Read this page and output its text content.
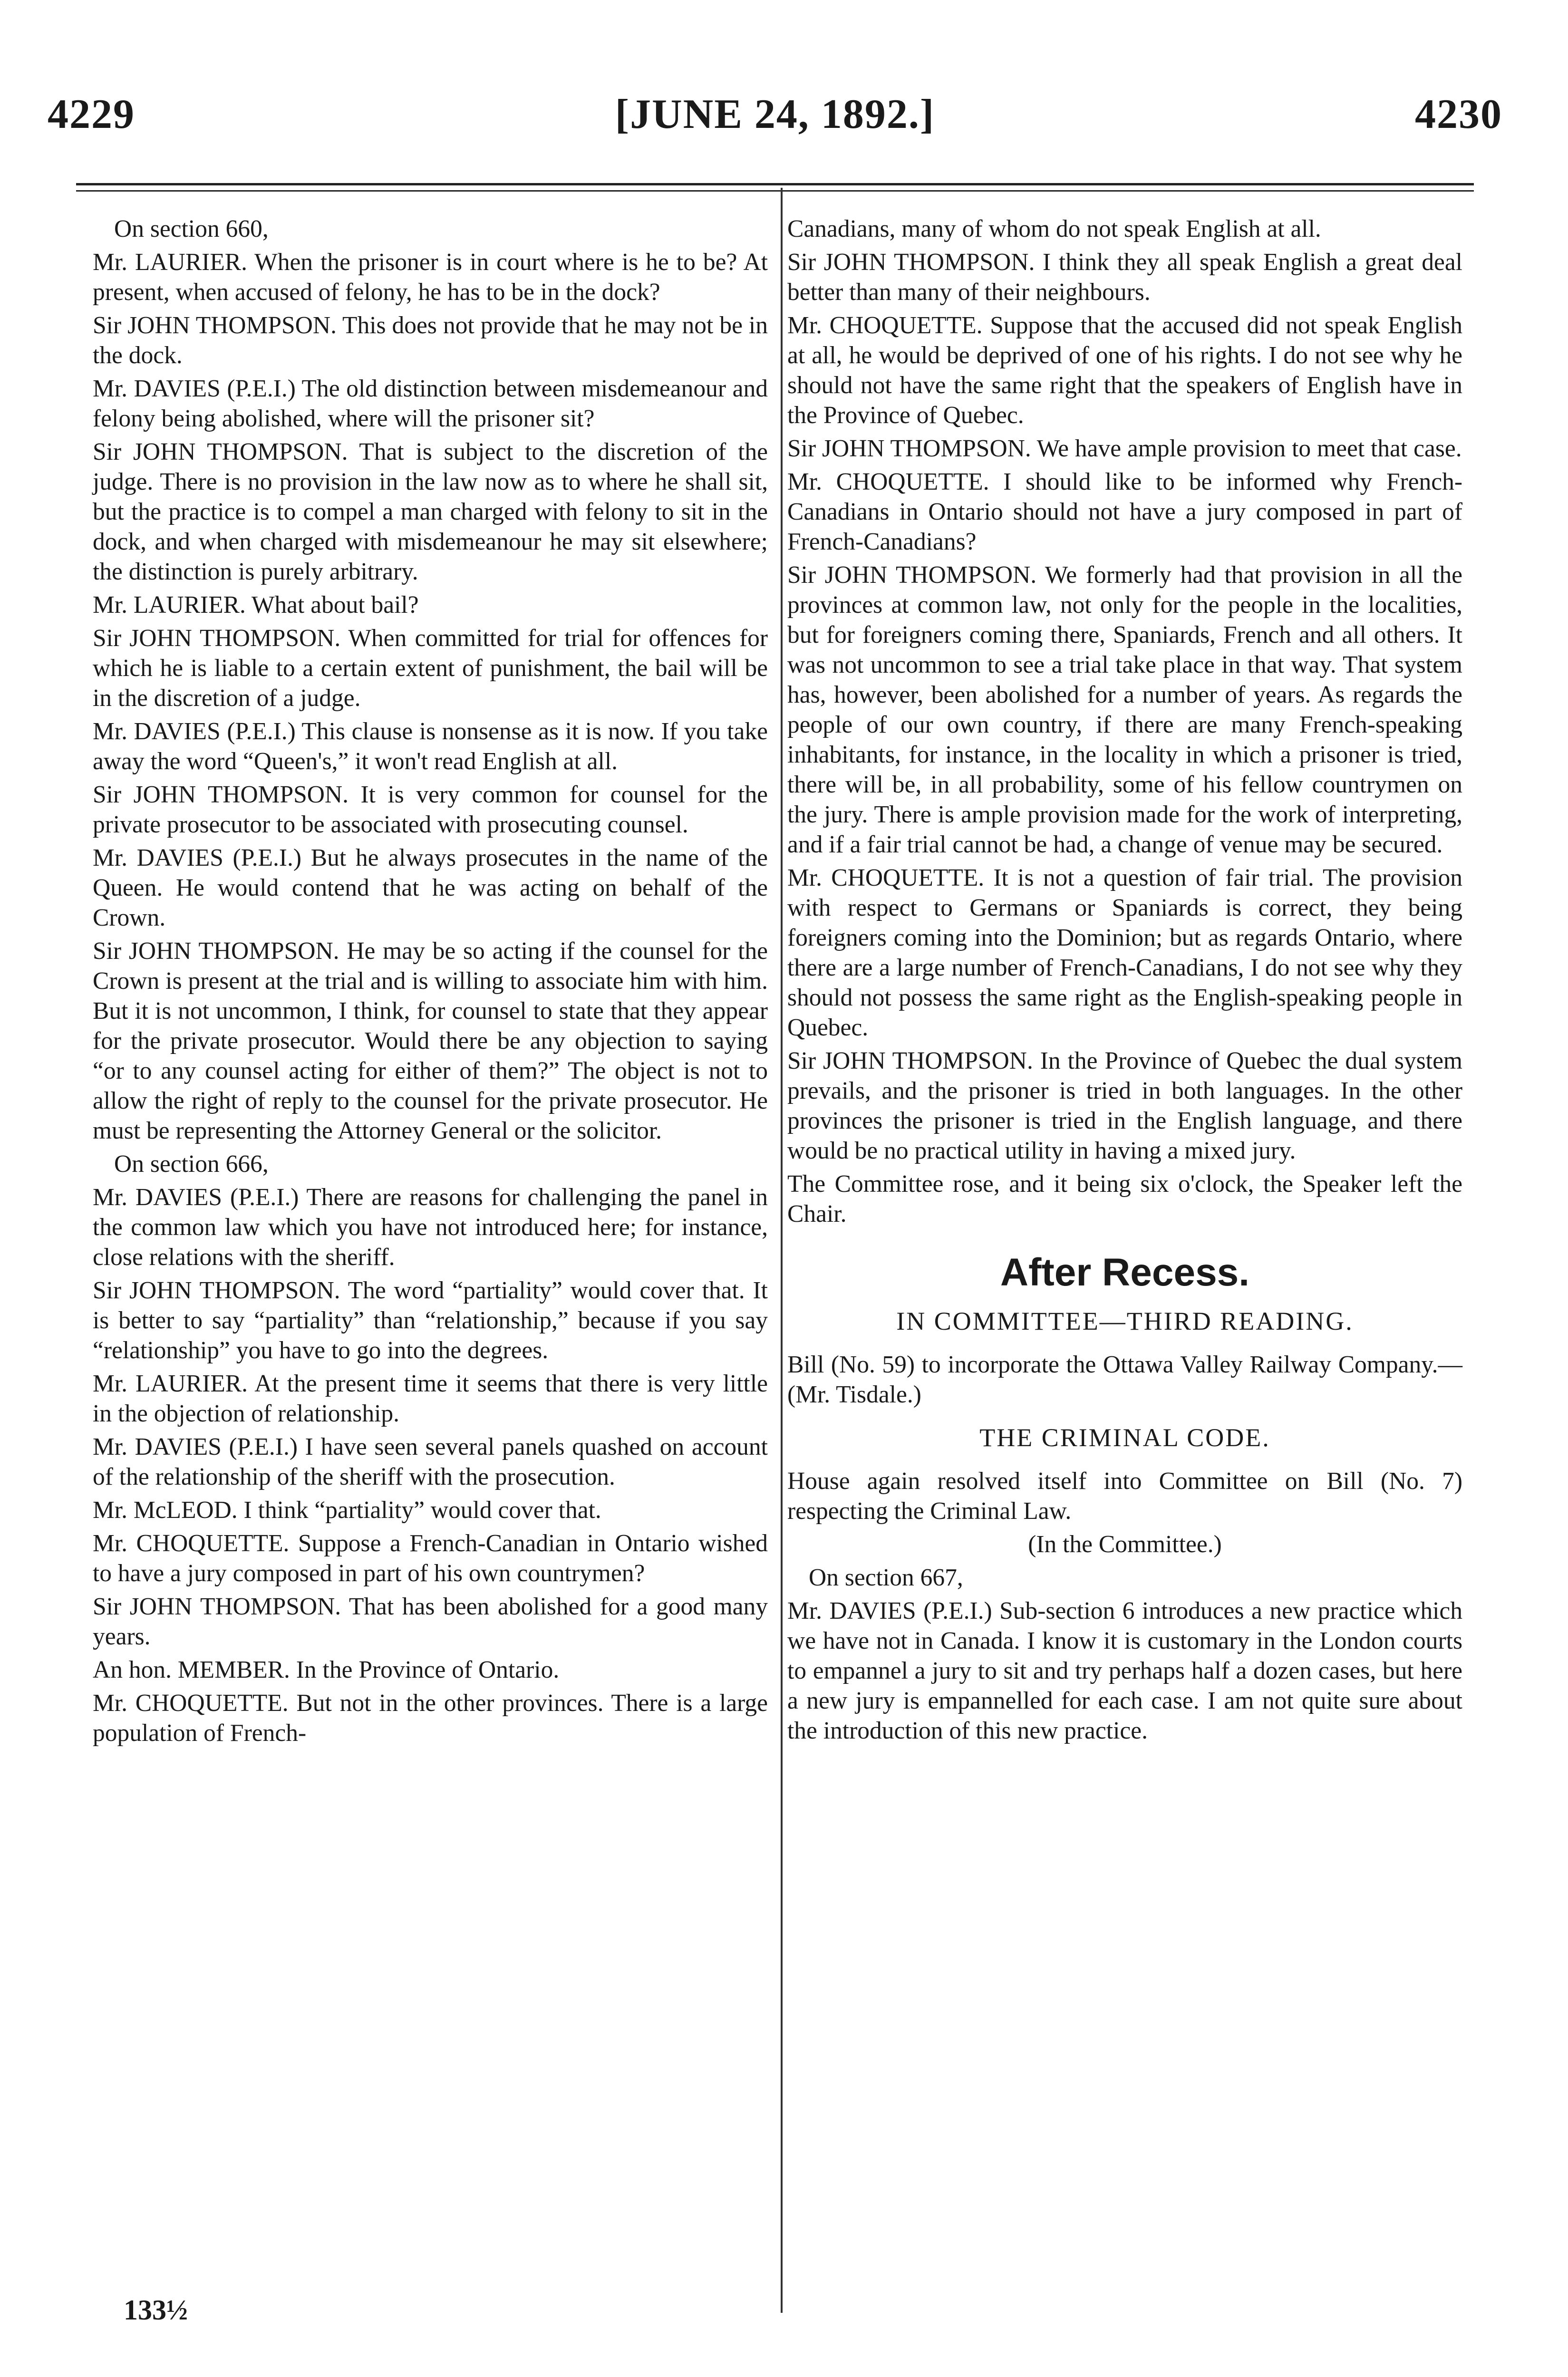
4229	[JUNE 24, 1892.]	4230

On section 660,

Mr. LAURIER. When the prisoner is in court where is he to be? At present, when accused of felony, he has to be in the dock?

Sir JOHN THOMPSON. This does not provide that he may not be in the dock.

Mr. DAVIES (P.E.I.) The old distinction between misdemeanour and felony being abolished, where will the prisoner sit?

Sir JOHN THOMPSON. That is subject to the discretion of the judge. There is no provision in the law now as to where he shall sit, but the practice is to compel a man charged with felony to sit in the dock, and when charged with misdemeanour he may sit elsewhere; the distinction is purely arbitrary.

Mr. LAURIER. What about bail?

Sir JOHN THOMPSON. When committed for trial for offences for which he is liable to a certain extent of punishment, the bail will be in the discretion of a judge.

Mr. DAVIES (P.E.I.) This clause is nonsense as it is now. If you take away the word “Queen's,” it won't read English at all.

Sir JOHN THOMPSON. It is very common for counsel for the private prosecutor to be associated with prosecuting counsel.

Mr. DAVIES (P.E.I.) But he always prosecutes in the name of the Queen. He would contend that he was acting on behalf of the Crown.

Sir JOHN THOMPSON. He may be so acting if the counsel for the Crown is present at the trial and is willing to associate him with him. But it is not uncommon, I think, for counsel to state that they appear for the private prosecutor. Would there be any objection to saying “or to any counsel acting for either of them?” The object is not to allow the right of reply to the counsel for the private prosecutor. He must be representing the Attorney General or the solicitor.

On section 666,

Mr. DAVIES (P.E.I.) There are reasons for challenging the panel in the common law which you have not introduced here; for instance, close relations with the sheriff.

Sir JOHN THOMPSON. The word “partiality” would cover that. It is better to say “partiality” than “relationship,” because if you say “relationship” you have to go into the degrees.

Mr. LAURIER. At the present time it seems that there is very little in the objection of relationship.

Mr. DAVIES (P.E.I.) I have seen several panels quashed on account of the relationship of the sheriff with the prosecution.

Mr. McLEOD. I think “partiality” would cover that.

Mr. CHOQUETTE. Suppose a French-Canadian in Ontario wished to have a jury composed in part of his own countrymen?

Sir JOHN THOMPSON. That has been abolished for a good many years.

An hon. MEMBER. In the Province of Ontario.

Mr. CHOQUETTE. But not in the other provinces. There is a large population of French-

Canadians, many of whom do not speak English at all.

Sir JOHN THOMPSON. I think they all speak English a great deal better than many of their neighbours.

Mr. CHOQUETTE. Suppose that the accused did not speak English at all, he would be deprived of one of his rights. I do not see why he should not have the same right that the speakers of English have in the Province of Quebec.

Sir JOHN THOMPSON. We have ample provision to meet that case.

Mr. CHOQUETTE. I should like to be informed why French-Canadians in Ontario should not have a jury composed in part of French-Canadians?

Sir JOHN THOMPSON. We formerly had that provision in all the provinces at common law, not only for the people in the localities, but for foreigners coming there, Spaniards, French and all others. It was not uncommon to see a trial take place in that way. That system has, however, been abolished for a number of years. As regards the people of our own country, if there are many French-speaking inhabitants, for instance, in the locality in which a prisoner is tried, there will be, in all probability, some of his fellow countrymen on the jury. There is ample provision made for the work of interpreting, and if a fair trial cannot be had, a change of venue may be secured.

Mr. CHOQUETTE. It is not a question of fair trial. The provision with respect to Germans or Spaniards is correct, they being foreigners coming into the Dominion; but as regards Ontario, where there are a large number of French-Canadians, I do not see why they should not possess the same right as the English-speaking people in Quebec.

Sir JOHN THOMPSON. In the Province of Quebec the dual system prevails, and the prisoner is tried in both languages. In the other provinces the prisoner is tried in the English language, and there would be no practical utility in having a mixed jury.

The Committee rose, and it being six o'clock, the Speaker left the Chair.

After Recess.
IN COMMITTEE—THIRD READING.

Bill (No. 59) to incorporate the Ottawa Valley Railway Company.—(Mr. Tisdale.)

THE CRIMINAL CODE.

House again resolved itself into Committee on Bill (No. 7) respecting the Criminal Law.

(In the Committee.)

On section 667,

Mr. DAVIES (P.E.I.) Sub-section 6 introduces a new practice which we have not in Canada. I know it is customary in the London courts to empannel a jury to sit and try perhaps half a dozen cases, but here a new jury is empannelled for each case. I am not quite sure about the introduction of this new practice.

133½
